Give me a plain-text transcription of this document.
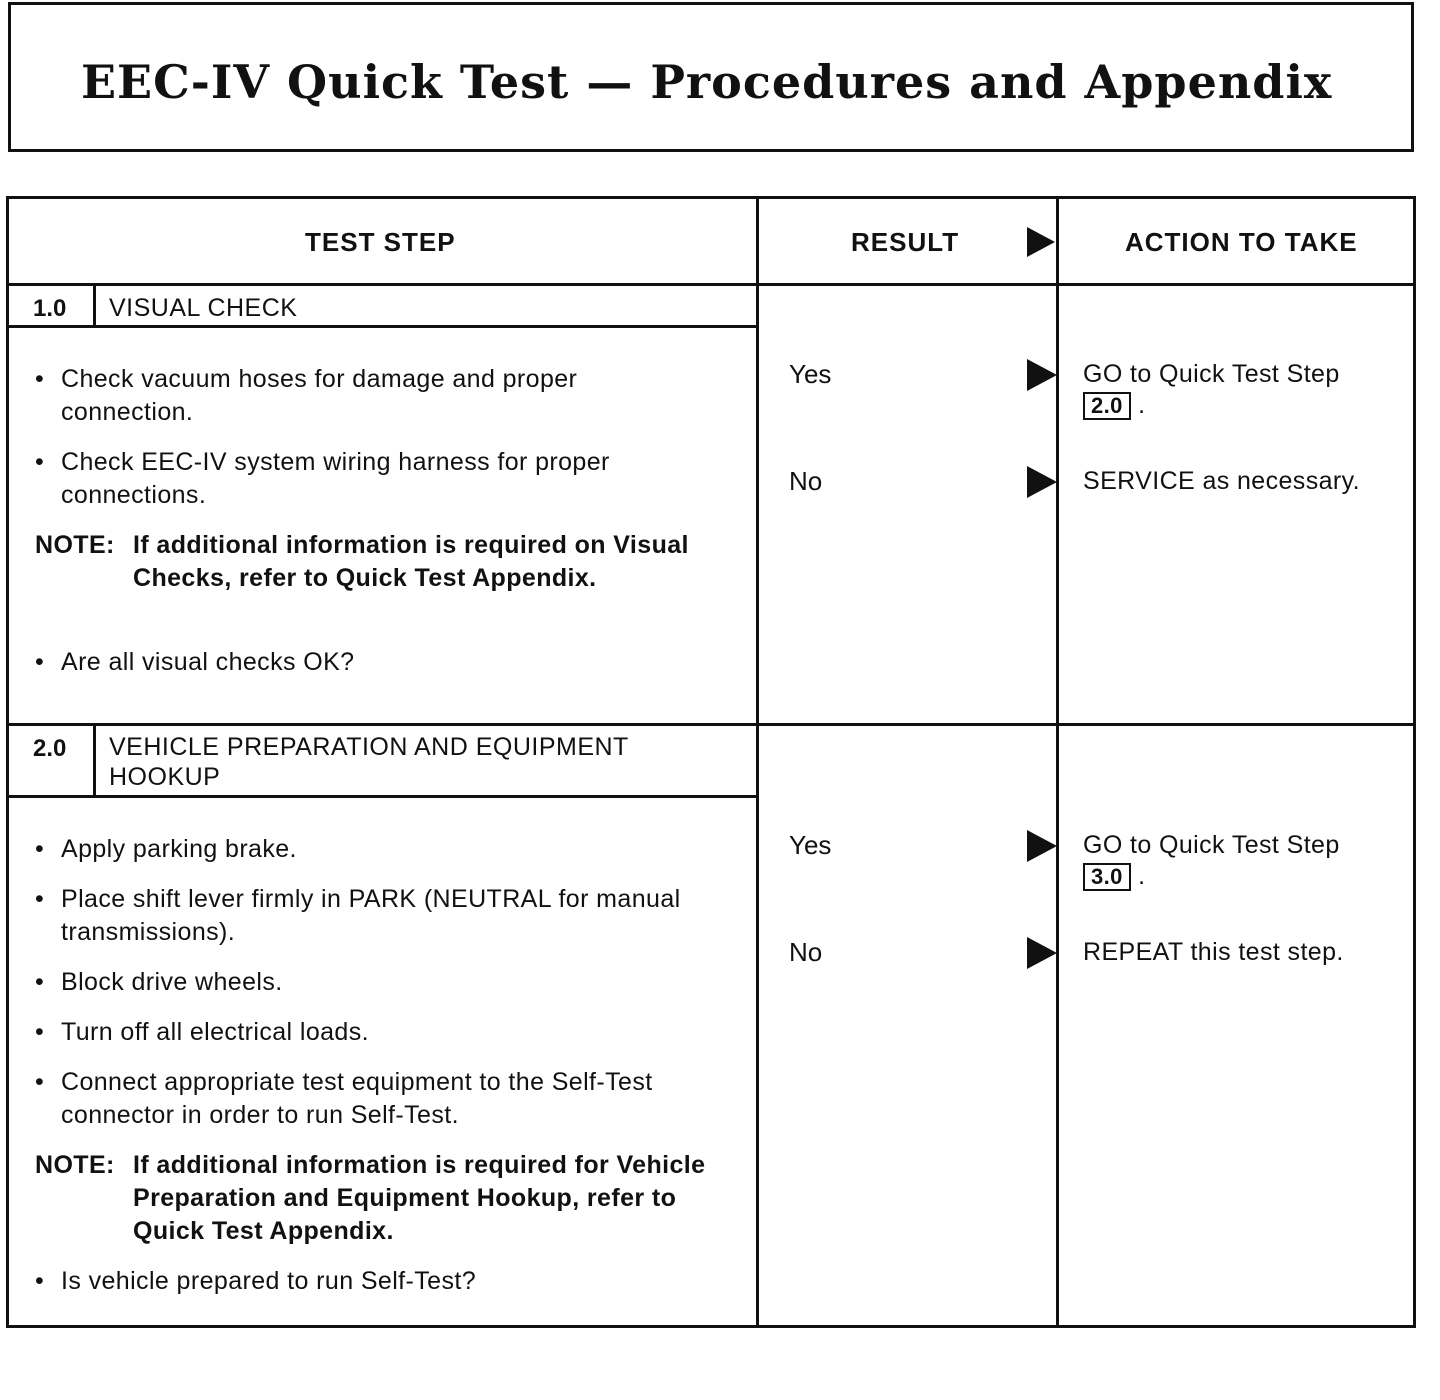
EEC-IV Quick Test — Procedures and Appendix
TEST STEP	RESULT	ACTION TO TAKE
1.0 VISUAL CHECK
• Check vacuum hoses for damage and proper connection.
• Check EEC-IV system wiring harness for proper connections.
NOTE: If additional information is required on Visual Checks, refer to Quick Test Appendix.
• Are all visual checks OK?
Yes	GO to Quick Test Step
2.0 .
No	SERVICE as necessary.
2.0 VEHICLE PREPARATION AND EQUIPMENT HOOKUP
• Apply parking brake.
• Place shift lever firmly in PARK (NEUTRAL for manual transmissions).
• Block drive wheels.
• Turn off all electrical loads.
• Connect appropriate test equipment to the Self-Test connector in order to run Self-Test.
NOTE: If additional information is required for Vehicle Preparation and Equipment Hookup, refer to Quick Test Appendix.
• Is vehicle prepared to run Self-Test?
Yes	GO to Quick Test Step
3.0 .
No	REPEAT this test step.
